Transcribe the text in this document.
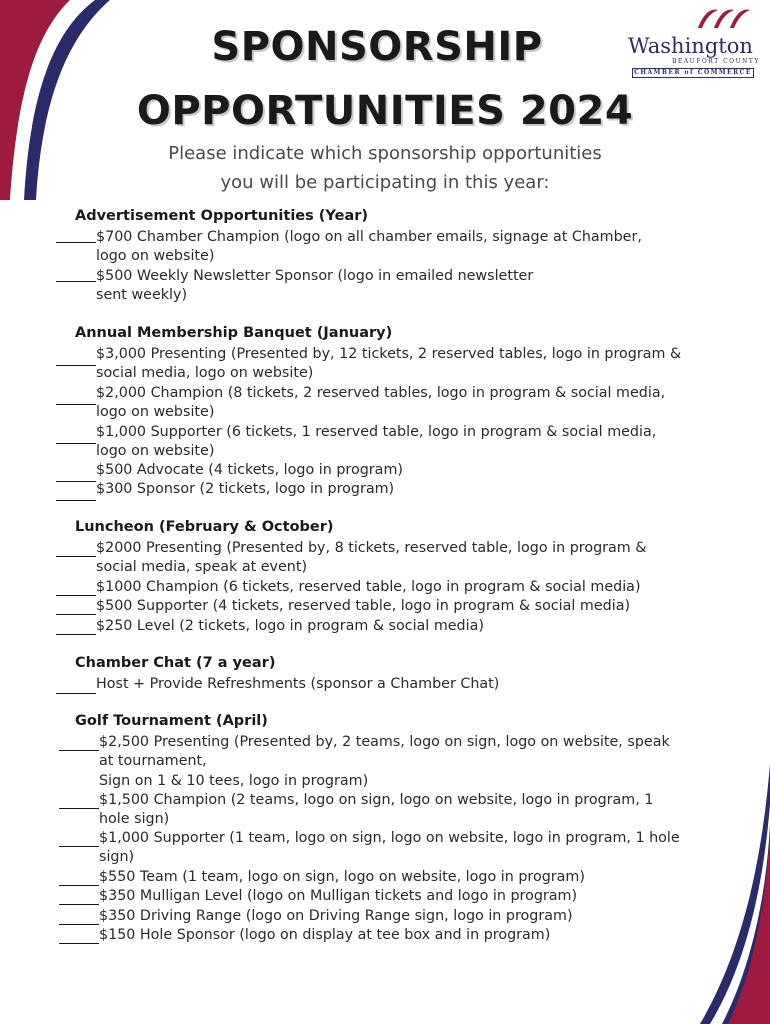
SPONSORSHIP
OPPORTUNITIES 2024
Washington
BEAUFORT COUNTY
CHAMBER of COMMERCE
Please indicate which sponsorship opportunities
you will be participating in this year:
Advertisement Opportunities (Year)
$700 Chamber Champion (logo on all chamber emails, signage at Chamber,
logo on website)
$500 Weekly Newsletter Sponsor (logo in emailed newsletter
sent weekly)
Annual Membership Banquet (January)
$3,000 Presenting (Presented by, 12 tickets, 2 reserved tables, logo in program &
social media, logo on website)
$2,000 Champion (8 tickets, 2 reserved tables, logo in program & social media,
logo on website)
$1,000 Supporter (6 tickets, 1 reserved table, logo in program & social media,
logo on website)
$500 Advocate (4 tickets, logo in program)
$300 Sponsor (2 tickets, logo in program)
Luncheon (February & October)
$2000 Presenting (Presented by, 8 tickets, reserved table, logo in program &
social media, speak at event)
$1000 Champion (6 tickets, reserved table, logo in program & social media)
$500 Supporter (4 tickets, reserved table, logo in program & social media)
$250 Level (2 tickets, logo in program & social media)
Chamber Chat (7 a year)
Host + Provide Refreshments (sponsor a Chamber Chat)
Golf Tournament (April)
$2,500 Presenting (Presented by, 2 teams, logo on sign, logo on website, speak
at tournament,
Sign on 1 & 10 tees, logo in program)
$1,500 Champion (2 teams, logo on sign, logo on website, logo in program, 1
hole sign)
$1,000 Supporter (1 team, logo on sign, logo on website, logo in program, 1 hole
sign)
$550 Team (1 team, logo on sign, logo on website, logo in program)
$350 Mulligan Level (logo on Mulligan tickets and logo in program)
$350 Driving Range (logo on Driving Range sign, logo in program)
$150 Hole Sponsor (logo on display at tee box and in program)
